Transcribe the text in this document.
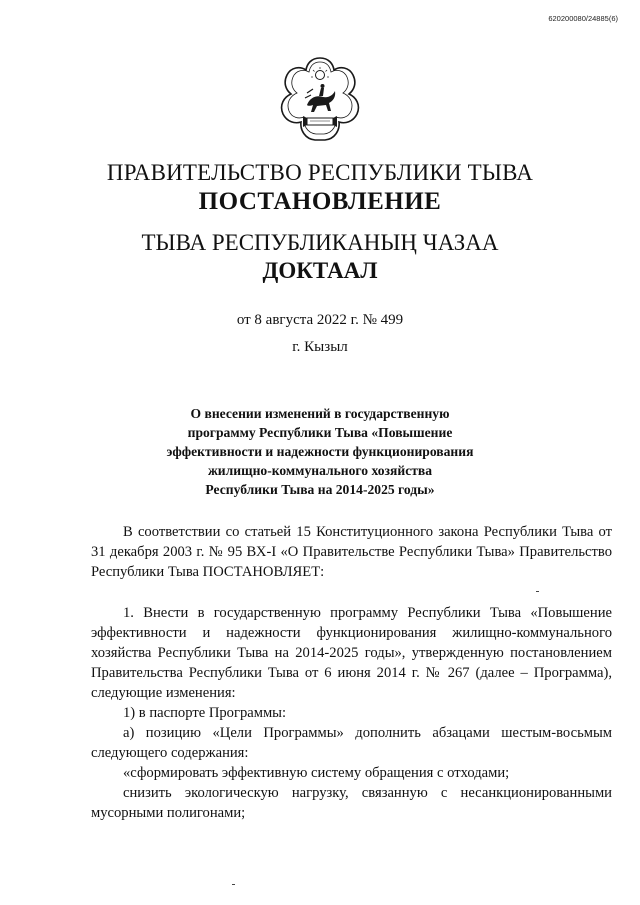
620200080/24885(6)
ПРАВИТЕЛЬСТВО РЕСПУБЛИКИ ТЫВА
ПОСТАНОВЛЕНИЕ
ТЫВА РЕСПУБЛИКАНЫҢ ЧАЗАА
ДОКТААЛ
от 8 августа 2022 г. № 499
г. Кызыл
О внесении изменений в государственную
программу Республики Тыва «Повышение
эффективности и надежности функционирования
жилищно-коммунального хозяйства
Республики Тыва на 2014-2025 годы»

В соответствии со статьей 15 Конституционного закона Республики Тыва от 31 декабря 2003 г. № 95 ВХ-I «О Правительстве Республики Тыва» Правительство Республики Тыва ПОСТАНОВЛЯЕТ:

1. Внести в государственную программу Республики Тыва «Повышение эффективности и надежности функционирования жилищно-коммунального хозяйства Республики Тыва на 2014-2025 годы», утвержденную постановлением Правительства Республики Тыва от 6 июня 2014 г. № 267 (далее – Программа), следующие изменения:

1) в паспорте Программы:

а) позицию «Цели Программы» дополнить абзацами шестым-восьмым следующего содержания:

«сформировать эффективную систему обращения с отходами;

снизить экологическую нагрузку, связанную с несанкционированными мусорными полигонами;
